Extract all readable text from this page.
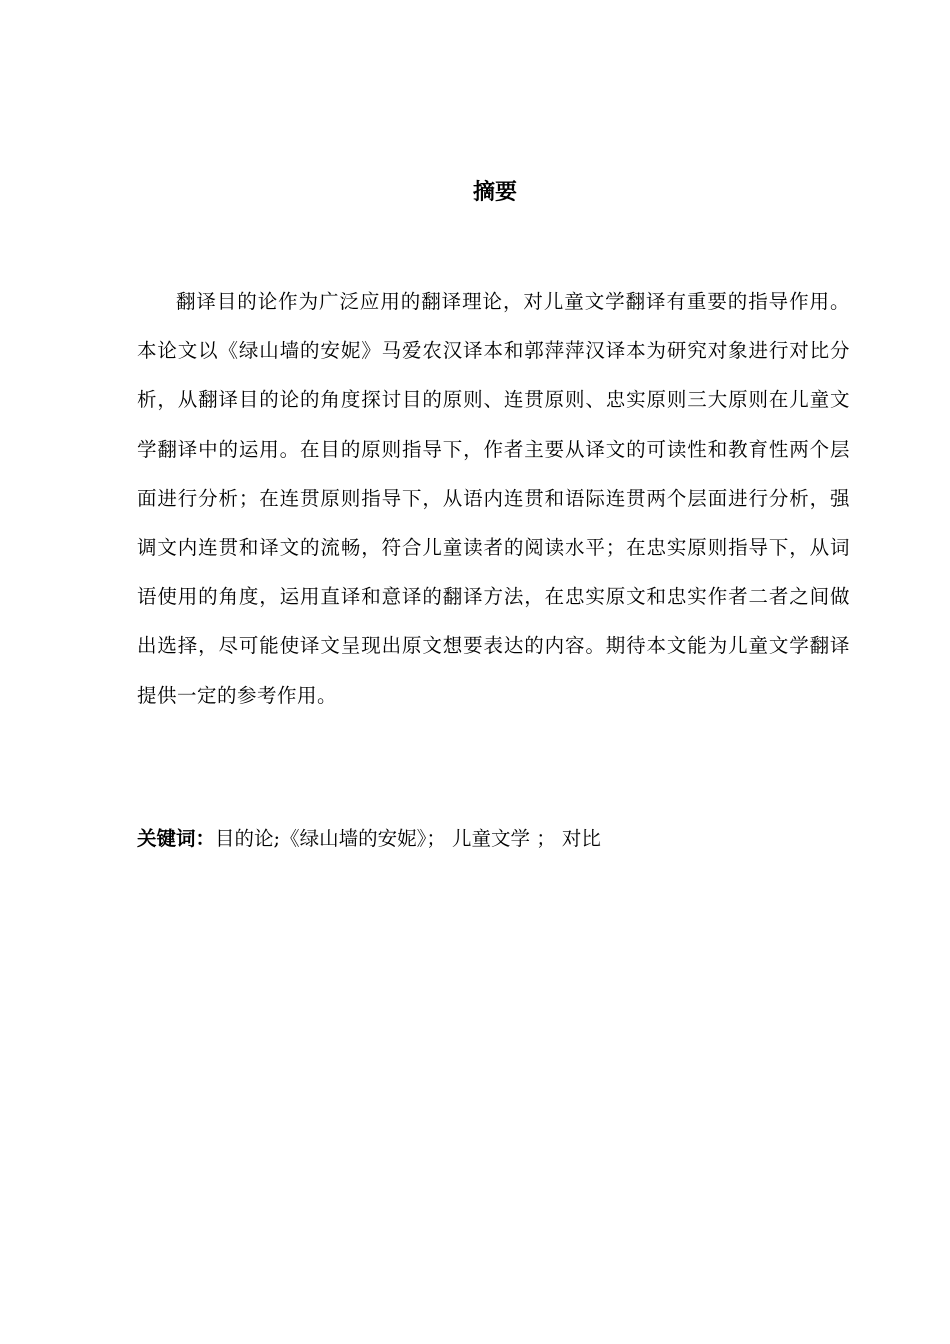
摘要

翻译目的论作为广泛应用的翻译理论，对儿童文学翻译有重要的指导作用。本论文以《绿山墙的安妮》马爱农汉译本和郭萍萍汉译本为研究对象进行对比分析，从翻译目的论的角度探讨目的原则、连贯原则、忠实原则三大原则在儿童文学翻译中的运用。在目的原则指导下，作者主要从译文的可读性和教育性两个层面进行分析；在连贯原则指导下，从语内连贯和语际连贯两个层面进行分析，强调文内连贯和译文的流畅，符合儿童读者的阅读水平；在忠实原则指导下，从词语使用的角度，运用直译和意译的翻译方法，在忠实原文和忠实作者二者之间做出选择，尽可能使译文呈现出原文想要表达的内容。期待本文能为儿童文学翻译提供一定的参考作用。

关键词：目的论;《绿山墙的安妮》； 儿童文学 ； 对比
